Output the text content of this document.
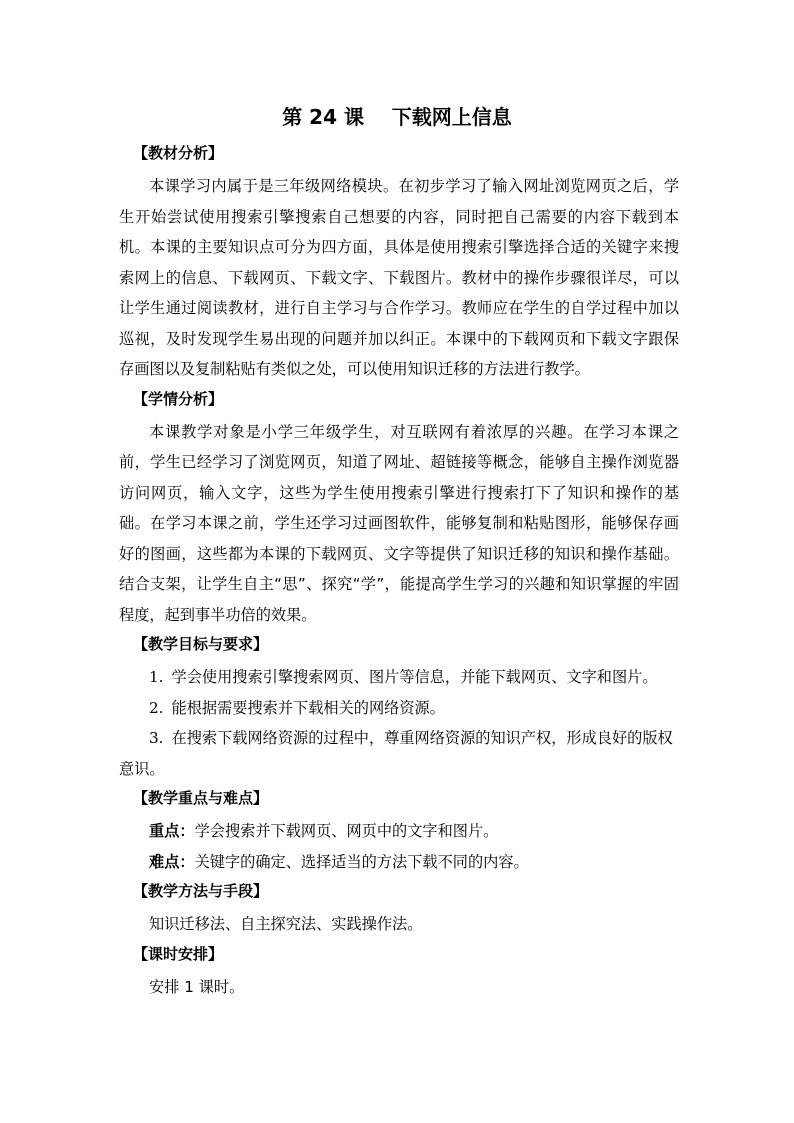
第 24 课    下载网上信息
【教材分析】

本课学习内属于是三年级网络模块。在初步学习了输入网址浏览网页之后，学生开始尝试使用搜索引擎搜索自己想要的内容，同时把自己需要的内容下载到本机。本课的主要知识点可分为四方面，具体是使用搜索引擎选择合适的关键字来搜索网上的信息、下载网页、下载文字、下载图片。教材中的操作步骤很详尽，可以让学生通过阅读教材，进行自主学习与合作学习。教师应在学生的自学过程中加以巡视，及时发现学生易出现的问题并加以纠正。本课中的下载网页和下载文字跟保存画图以及复制粘贴有类似之处，可以使用知识迁移的方法进行教学。

【学情分析】

本课教学对象是小学三年级学生，对互联网有着浓厚的兴趣。在学习本课之前，学生已经学习了浏览网页，知道了网址、超链接等概念，能够自主操作浏览器访问网页，输入文字，这些为学生使用搜索引擎进行搜索打下了知识和操作的基础。在学习本课之前，学生还学习过画图软件，能够复制和粘贴图形，能够保存画好的图画，这些都为本课的下载网页、文字等提供了知识迁移的知识和操作基础。结合支架，让学生自主“思”、探究“学”，能提高学生学习的兴趣和知识掌握的牢固程度，起到事半功倍的效果。

【教学目标与要求】

1. 学会使用搜索引擎搜索网页、图片等信息，并能下载网页、文字和图片。

2. 能根据需要搜索并下载相关的网络资源。

3. 在搜索下载网络资源的过程中，尊重网络资源的知识产权，形成良好的版权意识。

【教学重点与难点】

重点：学会搜索并下载网页、网页中的文字和图片。

难点：关键字的确定、选择适当的方法下载不同的内容。

【教学方法与手段】

知识迁移法、自主探究法、实践操作法。

【课时安排】

安排 1 课时。
